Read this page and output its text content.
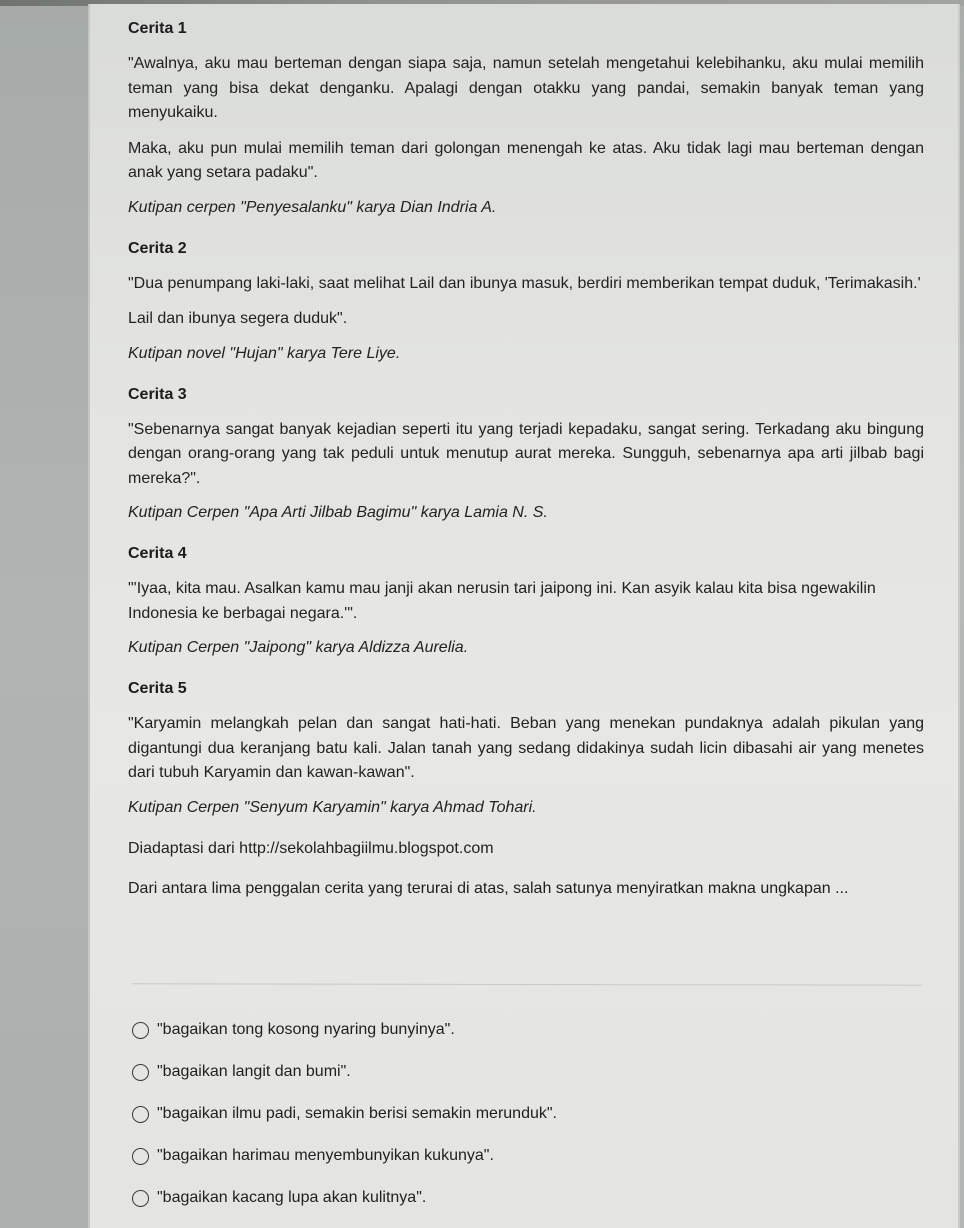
Cerita 1

"Awalnya, aku mau berteman dengan siapa saja, namun setelah mengetahui kelebihanku, aku mulai memilih teman yang bisa dekat denganku. Apalagi dengan otakku yang pandai, semakin banyak teman yang menyukaiku.

Maka, aku pun mulai memilih teman dari golongan menengah ke atas. Aku tidak lagi mau berteman dengan anak yang setara padaku".

Kutipan cerpen "Penyesalanku" karya Dian Indria A.

Cerita 2

"Dua penumpang laki-laki, saat melihat Lail dan ibunya masuk, berdiri memberikan tempat duduk, 'Terimakasih.'

Lail dan ibunya segera duduk".

Kutipan novel "Hujan" karya Tere Liye.

Cerita 3

"Sebenarnya sangat banyak kejadian seperti itu yang terjadi kepadaku, sangat sering. Terkadang aku bingung dengan orang-orang yang tak peduli untuk menutup aurat mereka. Sungguh, sebenarnya apa arti jilbab bagi mereka?".

Kutipan Cerpen "Apa Arti Jilbab Bagimu" karya Lamia N. S.

Cerita 4

"'Iyaa, kita mau. Asalkan kamu mau janji akan nerusin tari jaipong ini. Kan asyik kalau kita bisa ngewakilin Indonesia ke berbagai negara.'".

Kutipan Cerpen "Jaipong" karya Aldizza Aurelia.

Cerita 5

"Karyamin melangkah pelan dan sangat hati-hati. Beban yang menekan pundaknya adalah pikulan yang digantungi dua keranjang batu kali. Jalan tanah yang sedang didakinya sudah licin dibasahi air yang menetes dari tubuh Karyamin dan kawan-kawan".

Kutipan Cerpen "Senyum Karyamin" karya Ahmad Tohari.

Diadaptasi dari http://sekolahbagiilmu.blogspot.com

Dari antara lima penggalan cerita yang terurai di atas, salah satunya menyiratkan makna ungkapan ...

"bagaikan tong kosong nyaring bunyinya".
"bagaikan langit dan bumi".
"bagaikan ilmu padi, semakin berisi semakin merunduk".
"bagaikan harimau menyembunyikan kukunya".
"bagaikan kacang lupa akan kulitnya".
